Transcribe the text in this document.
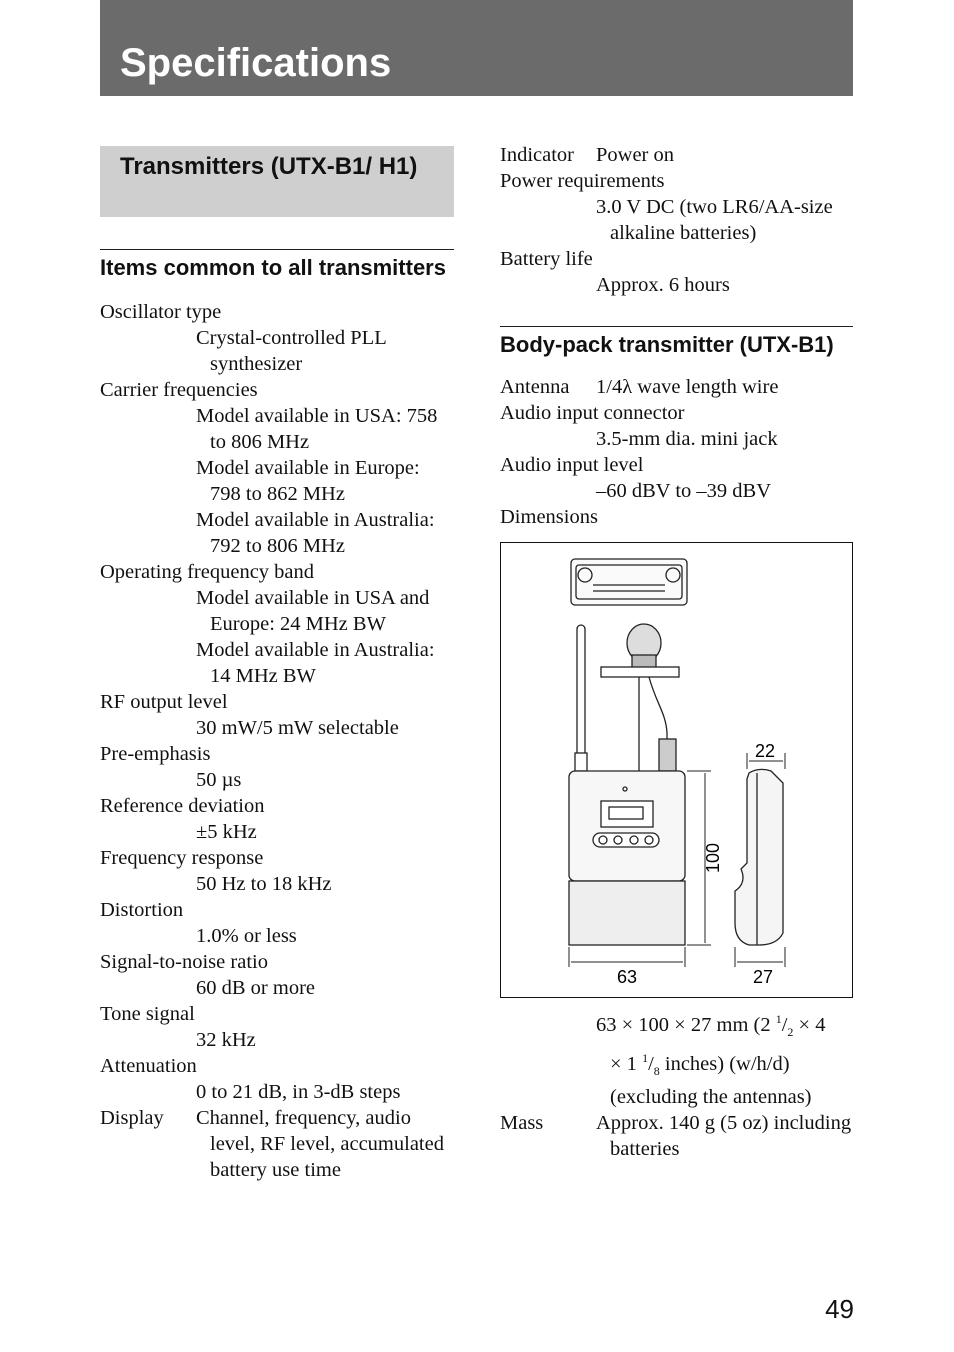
Specifications
Transmitters (UTX-B1/ H1)
Items common to all transmitters
Oscillator type
Crystal-controlled PLL synthesizer
Carrier frequencies
Model available in USA: 758 to 806 MHz
Model available in Europe: 798 to 862 MHz
Model available in Australia: 792 to 806 MHz
Operating frequency band
Model available in USA and Europe: 24 MHz BW
Model available in Australia: 14 MHz BW
RF output level
30 mW/5 mW selectable
Pre-emphasis
50 µs
Reference deviation
±5 kHz
Frequency response
50 Hz to 18 kHz
Distortion
1.0% or less
Signal-to-noise ratio
60 dB or more
Tone signal
32 kHz
Attenuation
0 to 21 dB, in 3-dB steps
Display Channel, frequency, audio level, RF level, accumulated battery use time
Indicator Power on
Power requirements
3.0 V DC (two LR6/AA-size alkaline batteries)
Battery life
Approx. 6 hours
Body-pack transmitter (UTX-B1)
Antenna 1/4λ wave length wire
Audio input connector
3.5-mm dia. mini jack
Audio input level
–60 dBV to –39 dBV
Dimensions
63
100
22
27
63 × 100 × 27 mm (2 $^1/_2 \times 4$
× 1 $^1/_8$ inches) (w/h/d)
(excluding the antennas)
Mass	Approx. 140 g (5 oz) including batteries
49
